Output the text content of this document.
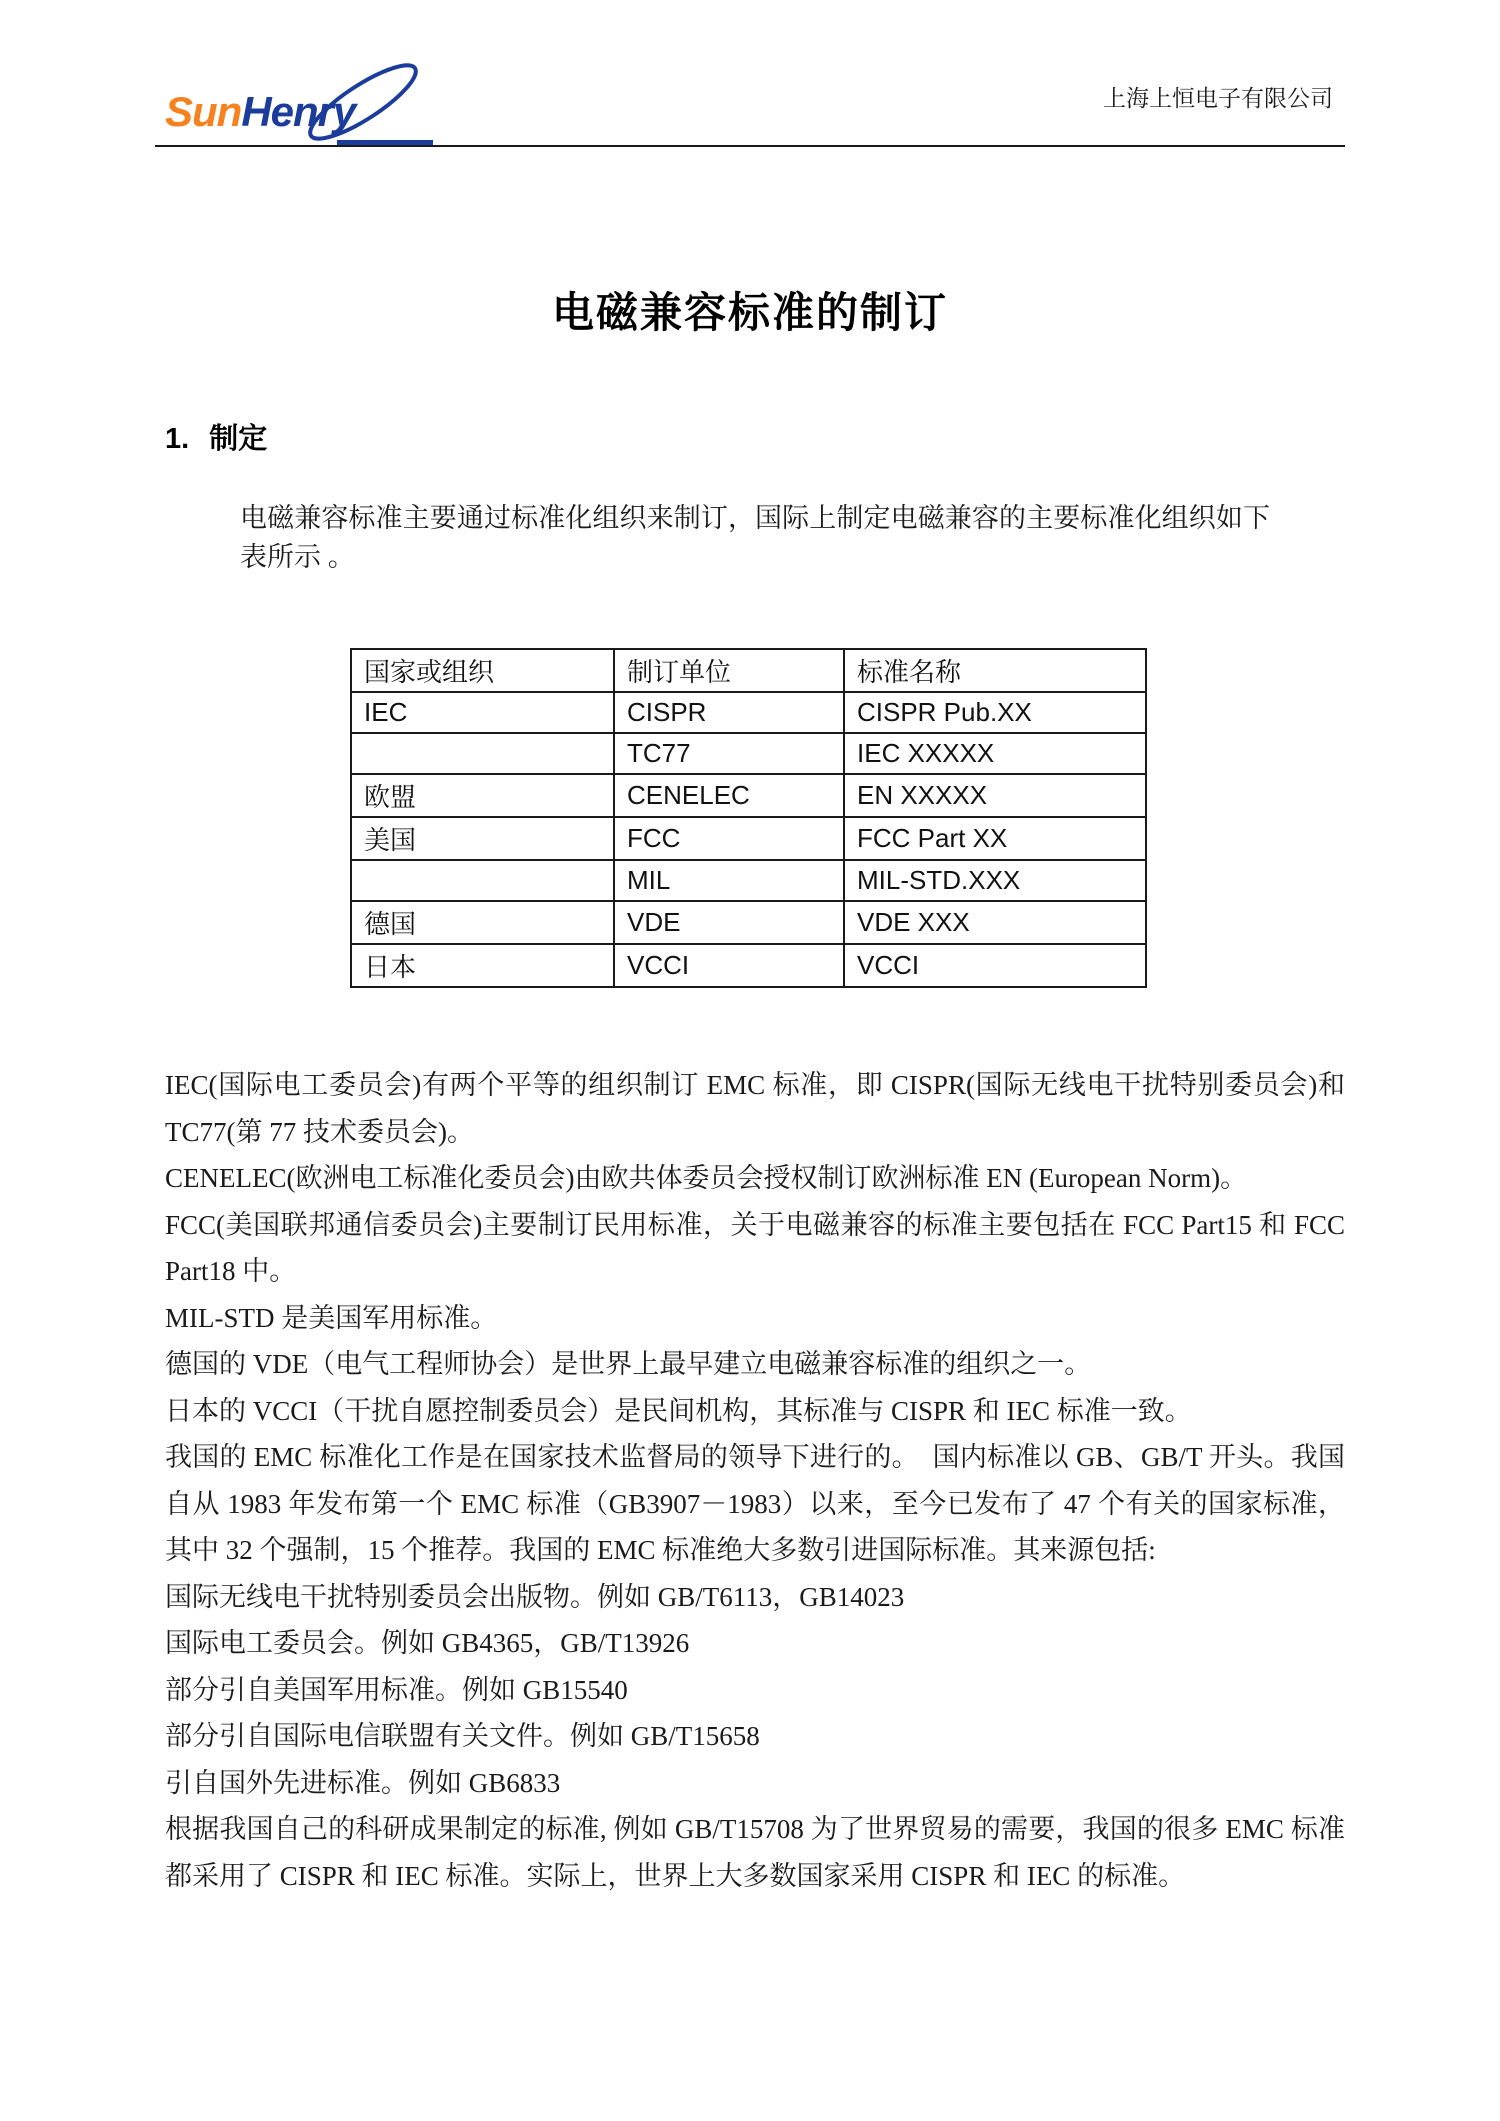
SunHenry	上海上恒电子有限公司
电磁兼容标准的制订
1. 制定
电磁兼容标准主要通过标准化组织来制订，国际上制定电磁兼容的主要标准化组织如下表所示 。
国家或组织	制订单位	标准名称
IEC	CISPR	CISPR Pub.XX
	TC77	IEC XXXXX
欧盟	CENELEC	EN XXXXX
美国	FCC	FCC Part XX
	MIL	MIL-STD.XXX
德国	VDE	VDE XXX
日本	VCCI	VCCI

IEC(国际电工委员会)有两个平等的组织制订 EMC 标准，即 CISPR(国际无线电干扰特别委员会)和 TC77(第 77 技术委员会)。

CENELEC(欧洲电工标准化委员会)由欧共体委员会授权制订欧洲标准 EN (European Norm)。

FCC(美国联邦通信委员会)主要制订民用标准，关于电磁兼容的标准主要包括在 FCC Part15 和 FCC Part18 中。

MIL-STD 是美国军用标准。

德国的 VDE（电气工程师协会）是世界上最早建立电磁兼容标准的组织之一。

日本的 VCCI（干扰自愿控制委员会）是民间机构，其标准与 CISPR 和 IEC 标准一致。

我国的 EMC 标准化工作是在国家技术监督局的领导下进行的。　国内标准以 GB、GB/T 开头。我国自从 1983 年发布第一个 EMC 标准（GB3907－1983）以来，至今已发布了 47 个有关的国家标准，其中 32 个强制，15 个推荐。我国的 EMC 标准绝大多数引进国际标准。其来源包括:

国际无线电干扰特别委员会出版物。例如 GB/T6113，GB14023

国际电工委员会。例如 GB4365，GB/T13926

部分引自美国军用标准。例如 GB15540

部分引自国际电信联盟有关文件。例如 GB/T15658

引自国外先进标准。例如 GB6833

根据我国自己的科研成果制定的标准, 例如 GB/T15708 为了世界贸易的需要，我国的很多 EMC 标准都采用了 CISPR 和 IEC 标准。实际上，世界上大多数国家采用 CISPR 和 IEC 的标准。
